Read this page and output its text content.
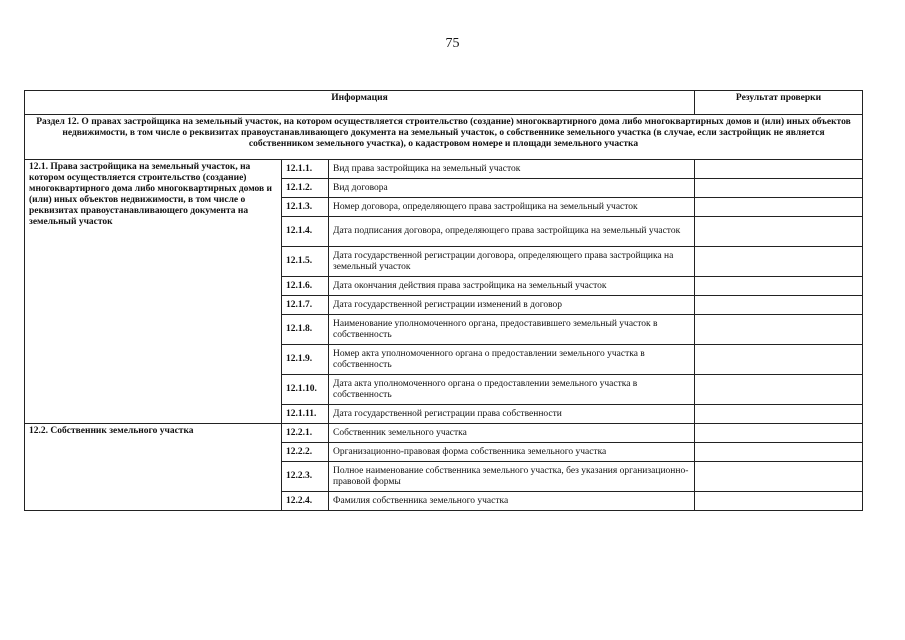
75
Информация			Результат проверки
Раздел 12. О правах застройщика на земельный участок, на котором осуществляется строительство (создание) многоквартирного дома либо многоквартирных домов и (или) иных объектов недвижимости, в том числе о реквизитах правоустанавливающего документа на земельный участок, о собственнике земельного участка (в случае, если застройщик не является собственником земельного участка), о кадастровом номере и площади земельного участка			
12.1. Права застройщика на земельный участок, на котором осуществляется строительство (создание) многоквартирного дома либо многоквартирных домов и (или) иных объектов недвижимости, в том числе о реквизитах правоустанавливающего документа на земельный участок	12.1.1.	Вид права застройщика на земельный участок	
	12.1.2.	Вид договора	
	12.1.3.	Номер договора, определяющего права застройщика на земельный участок	
	12.1.4.	Дата подписания договора, определяющего права застройщика на земельный участок	
	12.1.5.	Дата государственной регистрации договора, определяющего права застройщика на земельный участок	
	12.1.6.	Дата окончания действия права застройщика на земельный участок	
	12.1.7.	Дата государственной регистрации изменений в договор	
	12.1.8.	Наименование уполномоченного органа, предоставившего земельный участок в собственность	
	12.1.9.	Номер акта уполномоченного органа о предоставлении земельного участка в собственность	
	12.1.10.	Дата акта уполномоченного органа о предоставлении земельного участка в собственность	
	12.1.11.	Дата государственной регистрации права собственности	
12.2. Собственник земельного участка	12.2.1.	Собственник земельного участка	
	12.2.2.	Организационно-правовая форма собственника земельного участка	
	12.2.3.	Полное наименование собственника земельного участка, без указания организационно-правовой формы	
	12.2.4.	Фамилия собственника земельного участка	
